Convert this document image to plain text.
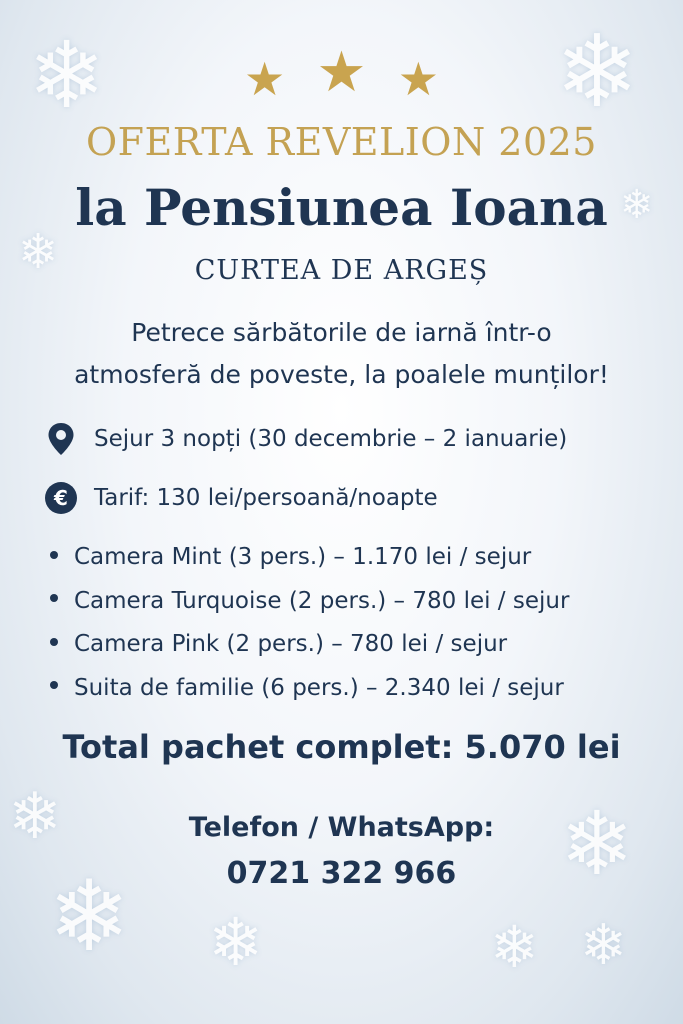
❄	❄
❄
❄
❄
❄ ❄	❄
❄
❄
★ ★ ★
OFERTA REVELION 2025
la Pensiunea Ioana
CURTEA DE ARGEȘ
Petrece sărbătorile de iarnă într-o
atmosferă de poveste, la poalele munților!
Sejur 3 nopți (30 decembrie – 2 ianuarie)
€	Tarif: 130 lei/persoană/noapte
Camera Mint (3 pers.) – 1.170 lei / sejur
Camera Turquoise (2 pers.) – 780 lei / sejur
Camera Pink (2 pers.) – 780 lei / sejur
Suita de familie (6 pers.) – 2.340 lei / sejur
Total pachet complet: 5.070 lei
Telefon / WhatsApp:
0721 322 966
